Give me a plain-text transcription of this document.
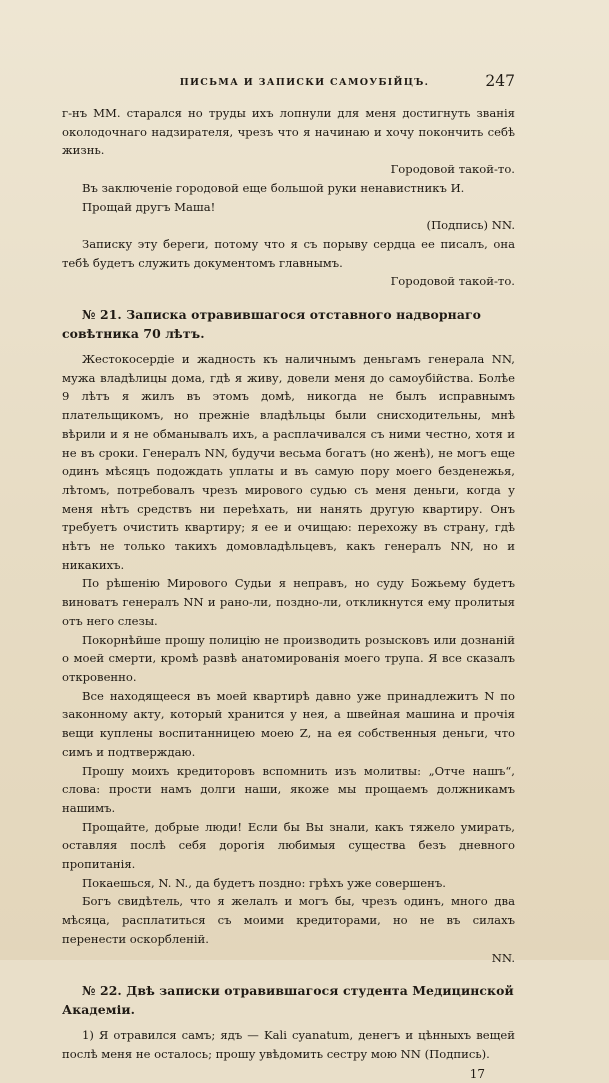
ПИСЬМА И ЗАПИСКИ САМОУБІЙЦЪ.	247

г-нъ ММ. старался но труды ихъ лопнули для меня достигнуть званія околодочнаго надзирателя, чрезъ что я начинаю и хочу покончить себѣ жизнь.

Городовой такой-то.

Въ заключеніе городовой еще большой руки ненавистникъ И.

Прощай другъ Маша!

(Подпись) NN.

Записку эту береги, потому что я съ порыву сердца ее писалъ, она тебѣ будетъ служить документомъ главнымъ.

Городовой такой-то.

№ 21. Записка отравившагося отставного надворнаго совѣтника 70 лѣтъ.

Жестокосердіе и жадность къ наличнымъ деньгамъ генерала NN, мужа владѣлицы дома, гдѣ я живу, довели меня до самоубійства. Болѣе 9 лѣтъ я жилъ въ этомъ домѣ, никогда не былъ исправнымъ плательщикомъ, но прежніе владѣльцы были снисходительны, мнѣ вѣрили и я не обманывалъ ихъ, а расплачивался съ ними честно, хотя и не въ сроки. Генералъ NN, будучи весьма богатъ (но женѣ), не могъ еще одинъ мѣсяцъ подождать уплаты и въ самую пору моего безденежья, лѣтомъ, потребовалъ чрезъ мирового судью съ меня деньги, когда у меня нѣтъ средствъ ни переѣхать, ни нанять другую квартиру. Онъ требуетъ очистить квартиру; я ее и очищаю: перехожу въ страну, гдѣ нѣтъ не только такихъ домовладѣльцевъ, какъ генералъ NN, но и никакихъ.

По рѣшенію Мирового Судьи я неправъ, но суду Божьему будетъ виноватъ генералъ NN и рано-ли, поздно-ли, откликнутся ему пролитыя отъ него слезы.

Покорнѣйше прошу полицію не производить розысковъ или дознаній о моей смерти, кромѣ развѣ анатомированія моего трупа. Я все сказалъ откровенно.

Все находящееся въ моей квартирѣ давно уже принадлежитъ N по законному акту, который хранится у нея, а швейная машина и прочія вещи куплены воспитанницею моею Z, на ея собственныя деньги, что симъ и подтверждаю.

Прошу моихъ кредиторовъ вспомнить изъ молитвы: „Отче нашъ“, слова: прости намъ долги наши, якоже мы прощаемъ должникамъ нашимъ.

Прощайте, добрые люди! Если бы Вы знали, какъ тяжело умирать, оставляя послѣ себя дорогія любимыя существа безъ дневного пропитанія.

Покаешься, N. N., да будетъ поздно: грѣхъ уже совершенъ.

Богъ свидѣтель, что я желалъ и могъ бы, чрезъ одинъ, много два мѣсяца, расплатиться съ моими кредиторами, но не въ силахъ перенести оскорбленій.

NN.

№ 22. Двѣ записки отравившагося студента Медицинской Академіи.

1) Я отравился самъ; ядъ — Kali cyanatum, денегъ и цѣнныхъ вещей послѣ меня не осталось; прошу увѣдомить сестру мою NN (Подпись).

17
